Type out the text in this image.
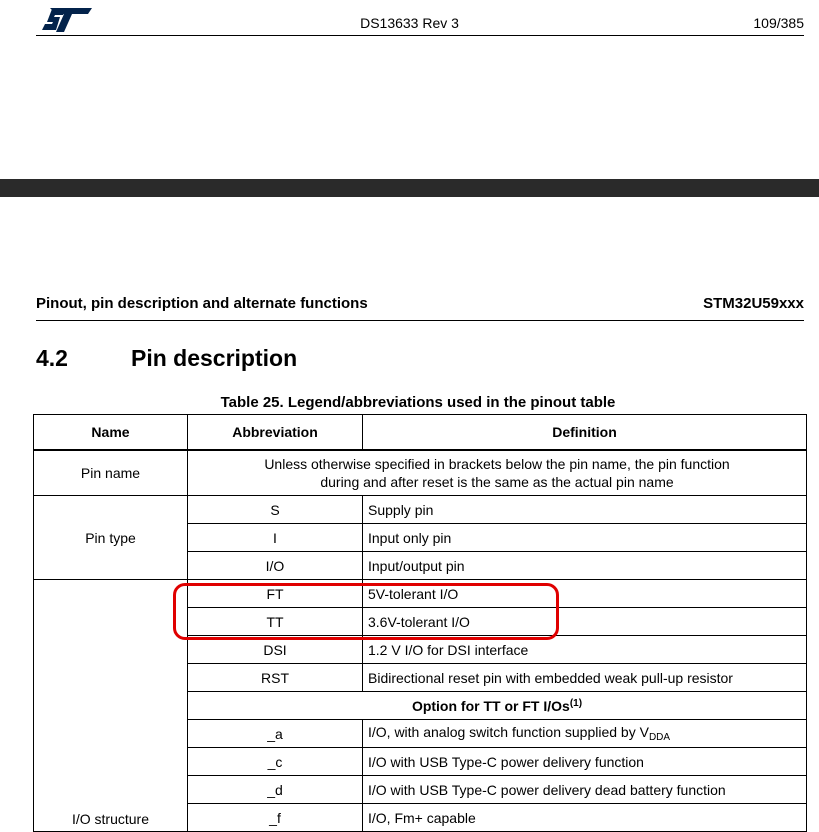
DS13633 Rev 3	109/385
Pinout, pin description and alternate functions	STM32U59xxx
4.2	Pin description
Table 25. Legend/abbreviations used in the pinout table
Name	Abbreviation	Definition
Pin name	Unless otherwise specified in brackets below the pin name, the pin function
during and after reset is the same as the actual pin name	
Pin type	S	Supply pin
	I	Input only pin
	I/O	Input/output pin
I/O structure	FT	5V-tolerant I/O
	TT	3.6V-tolerant I/O
	DSI	1.2 V I/O for DSI interface
	RST	Bidirectional reset pin with embedded weak pull-up resistor
	Option for TT or FT I/Os$^{(1)}$
	_a	I/O, with analog switch function supplied by $V_{DDA}$
	_c	I/O with USB Type-C power delivery function
	_d	I/O with USB Type-C power delivery dead battery function
	_f	I/O, Fm+ capable
